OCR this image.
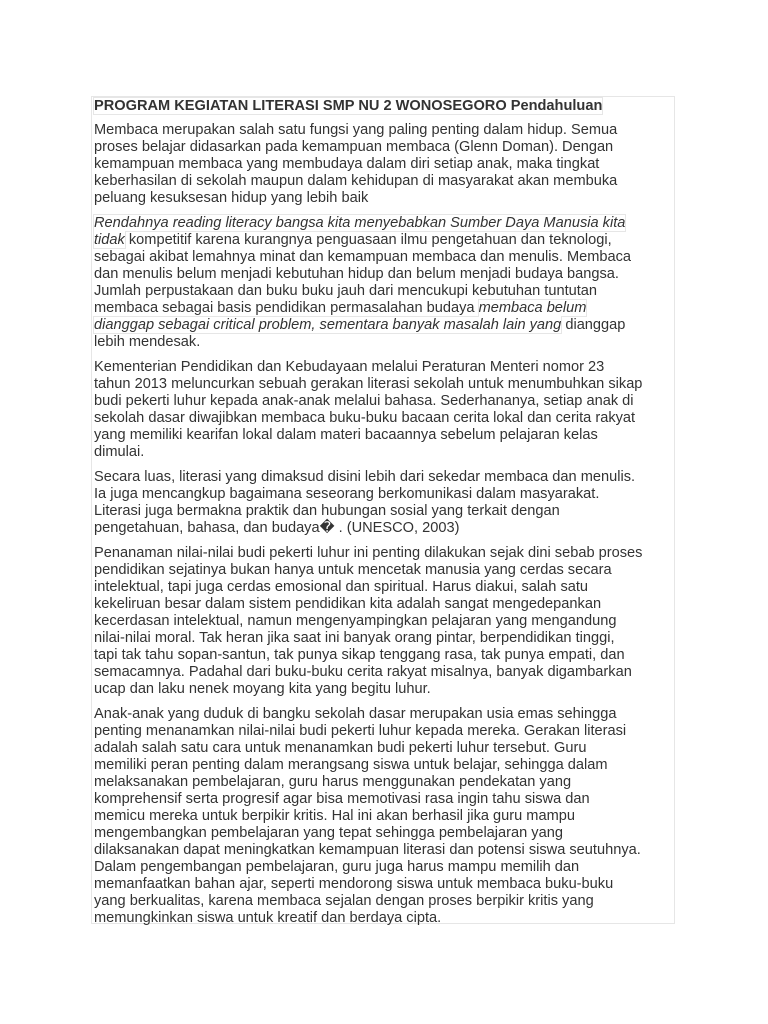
PROGRAM KEGIATAN LITERASI SMP NU 2 WONOSEGORO Pendahuluan

Membaca merupakan salah satu fungsi yang paling penting dalam hidup. Semua
proses belajar didasarkan pada kemampuan membaca (Glenn Doman). Dengan
kemampuan membaca yang membudaya dalam diri setiap anak, maka tingkat
keberhasilan di sekolah maupun dalam kehidupan di masyarakat akan membuka
peluang kesuksesan hidup yang lebih baik

Rendahnya reading literacy bangsa kita menyebabkan Sumber Daya Manusia kita
tidak kompetitif karena kurangnya penguasaan ilmu pengetahuan dan teknologi,
sebagai akibat lemahnya minat dan kemampuan membaca dan menulis. Membaca
dan menulis belum menjadi kebutuhan hidup dan belum menjadi budaya bangsa.
Jumlah perpustakaan dan buku buku jauh dari mencukupi kebutuhan tuntutan
membaca sebagai basis pendidikan permasalahan budaya membaca belum
dianggap sebagai critical problem, sementara banyak masalah lain yang dianggap
lebih mendesak.

Kementerian Pendidikan dan Kebudayaan melalui Peraturan Menteri nomor 23
tahun 2013 meluncurkan sebuah gerakan literasi sekolah untuk menumbuhkan sikap
budi pekerti luhur kepada anak-anak melalui bahasa. Sederhananya, setiap anak di
sekolah dasar diwajibkan membaca buku-buku bacaan cerita lokal dan cerita rakyat
yang memiliki kearifan lokal dalam materi bacaannya sebelum pelajaran kelas
dimulai.

Secara luas, literasi yang dimaksud disini lebih dari sekedar membaca dan menulis.
Ia juga mencangkup bagaimana seseorang berkomunikasi dalam masyarakat.
Literasi juga bermakna praktik dan hubungan sosial yang terkait dengan
pengetahuan, bahasa, dan budaya� . (UNESCO, 2003)

Penanaman nilai-nilai budi pekerti luhur ini penting dilakukan sejak dini sebab proses
pendidikan sejatinya bukan hanya untuk mencetak manusia yang cerdas secara
intelektual, tapi juga cerdas emosional dan spiritual. Harus diakui, salah satu
kekeliruan besar dalam sistem pendidikan kita adalah sangat mengedepankan
kecerdasan intelektual, namun mengenyampingkan pelajaran yang mengandung
nilai-nilai moral. Tak heran jika saat ini banyak orang pintar, berpendidikan tinggi,
tapi tak tahu sopan-santun, tak punya sikap tenggang rasa, tak punya empati, dan
semacamnya. Padahal dari buku-buku cerita rakyat misalnya, banyak digambarkan
ucap dan laku nenek moyang kita yang begitu luhur.

Anak-anak yang duduk di bangku sekolah dasar merupakan usia emas sehingga
penting menanamkan nilai-nilai budi pekerti luhur kepada mereka. Gerakan literasi
adalah salah satu cara untuk menanamkan budi pekerti luhur tersebut. Guru
memiliki peran penting dalam merangsang siswa untuk belajar, sehingga dalam
melaksanakan pembelajaran, guru harus menggunakan pendekatan yang
komprehensif serta progresif agar bisa memotivasi rasa ingin tahu siswa dan
memicu mereka untuk berpikir kritis. Hal ini akan berhasil jika guru mampu
mengembangkan pembelajaran yang tepat sehingga pembelajaran yang
dilaksanakan dapat meningkatkan kemampuan literasi dan potensi siswa seutuhnya.
Dalam pengembangan pembelajaran, guru juga harus mampu memilih dan
memanfaatkan bahan ajar, seperti mendorong siswa untuk membaca buku-buku
yang berkualitas, karena membaca sejalan dengan proses berpikir kritis yang
memungkinkan siswa untuk kreatif dan berdaya cipta.
